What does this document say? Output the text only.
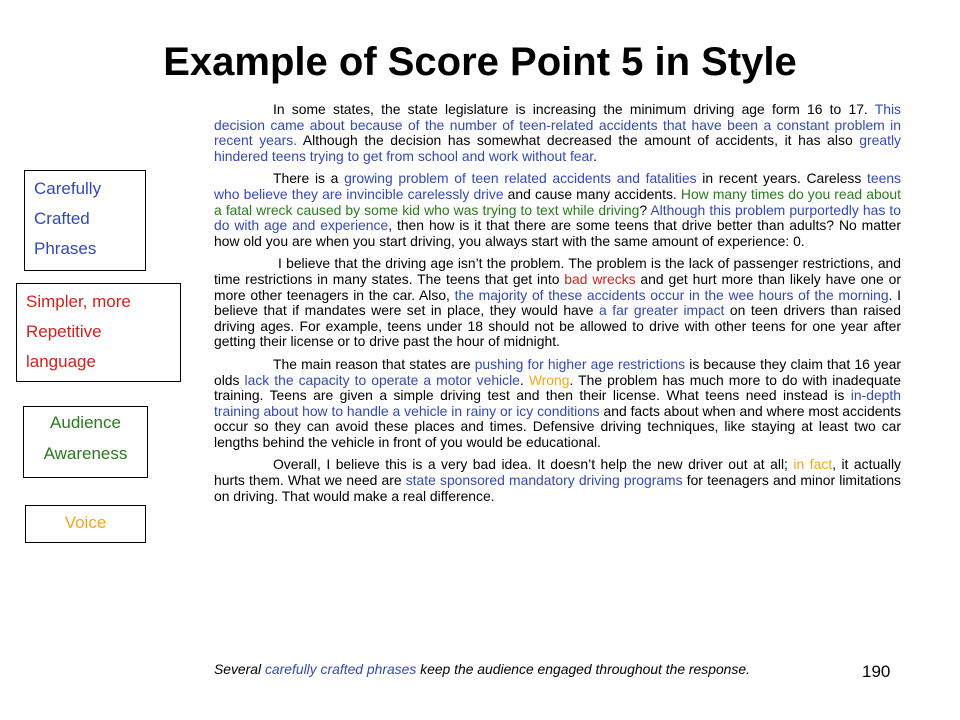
Example of Score Point 5 in Style
Carefully
Crafted
Phrases
Simpler, more
Repetitive
language
Audience
Awareness
Voice

In some states, the state legislature is increasing the minimum driving age form 16 to 17. This decision came about because of the number of teen-related accidents that have been a constant problem in recent years. Although the decision has somewhat decreased the amount of accidents, it has also greatly hindered teens trying to get from school and work without fear.

There is a growing problem of teen related accidents and fatalities in recent years. Careless teens who believe they are invincible carelessly drive and cause many accidents. How many times do you read about a fatal wreck caused by some kid who was trying to text while driving? Although this problem purportedly has to do with age and experience, then how is it that there are some teens that drive better than adults? No matter how old you are when you start driving, you always start with the same amount of experience: 0.

I believe that the driving age isn’t the problem. The problem is the lack of passenger restrictions, and time restrictions in many states. The teens that get into bad wrecks and get hurt more than likely have one or more other teenagers in the car. Also, the majority of these accidents occur in the wee hours of the morning. I believe that if mandates were set in place, they would have a far greater impact on teen drivers than raised driving ages. For example, teens under 18 should not be allowed to drive with other teens for one year after getting their license or to drive past the hour of midnight.

The main reason that states are pushing for higher age restrictions is because they claim that 16 year olds lack the capacity to operate a motor vehicle. Wrong. The problem has much more to do with inadequate training. Teens are given a simple driving test and then their license. What teens need instead is in-depth training about how to handle a vehicle in rainy or icy conditions and facts about when and where most accidents occur so they can avoid these places and times. Defensive driving techniques, like staying at least two car lengths behind the vehicle in front of you would be educational.

Overall, I believe this is a very bad idea. It doesn’t help the new driver out at all; in fact, it actually hurts them. What we need are state sponsored mandatory driving programs for teenagers and minor limitations on driving. That would make a real difference.

Several carefully crafted phrases keep the audience engaged throughout the response.	190
